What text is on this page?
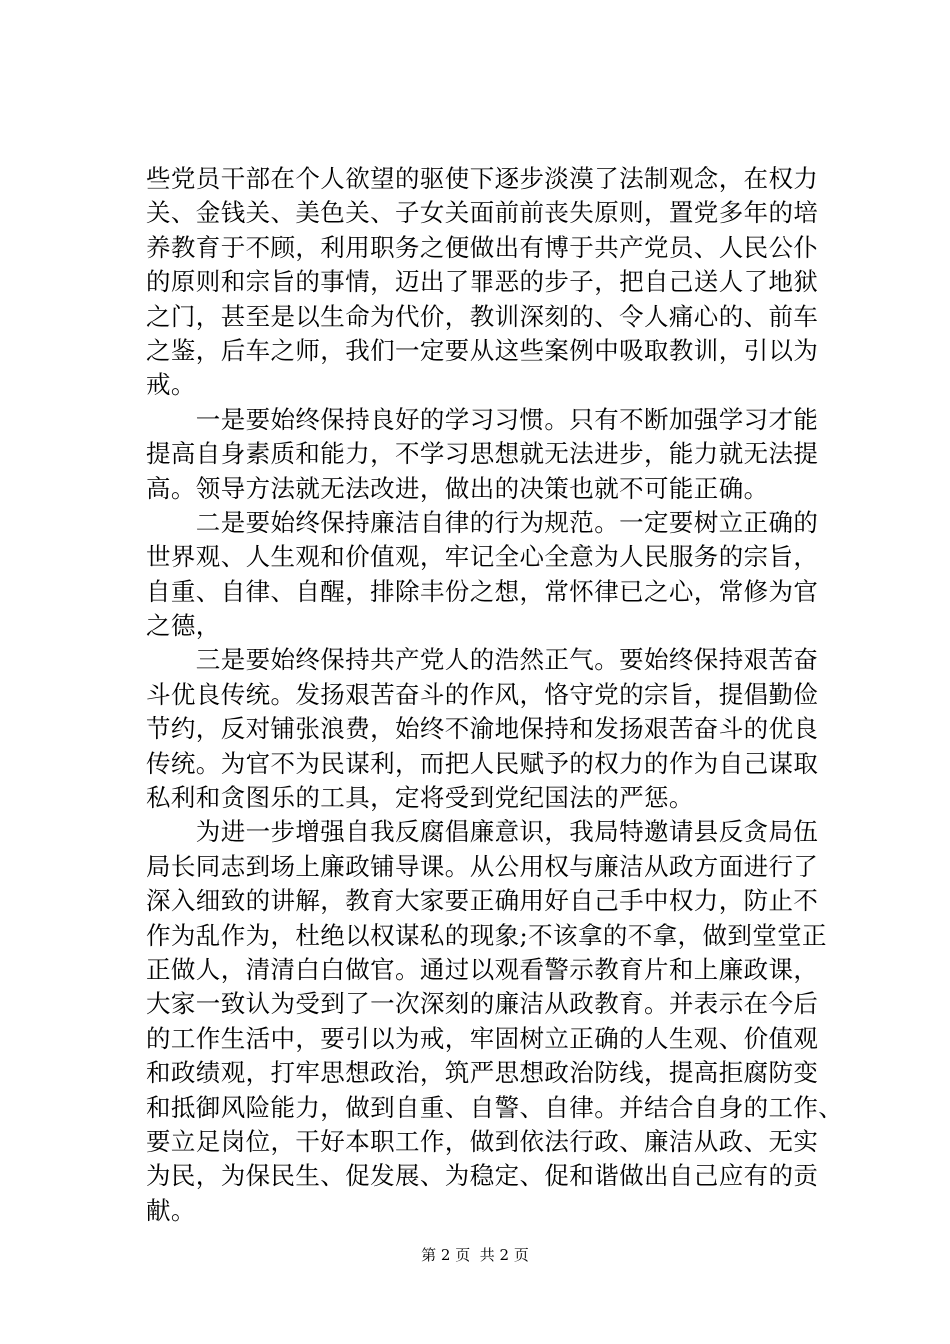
些党员干部在个人欲望的驱使下逐步淡漠了法制观念，在权力
关、金钱关、美色关、子女关面前前丧失原则，置党多年的培
养教育于不顾，利用职务之便做出有博于共产党员、人民公仆
的原则和宗旨的事情，迈出了罪恶的步子，把自己送人了地狱
之门，甚至是以生命为代价，教训深刻的、令人痛心的、前车
之鉴，后车之师，我们一定要从这些案例中吸取教训，引以为
戒。
　　一是要始终保持良好的学习习惯。只有不断加强学习才能
提高自身素质和能力，不学习思想就无法进步，能力就无法提
高。领导方法就无法改进，做出的决策也就不可能正确。
　　二是要始终保持廉洁自律的行为规范。一定要树立正确的
世界观、人生观和价值观，牢记全心全意为人民服务的宗旨，
自重、自律、自醒，排除丰份之想，常怀律已之心，常修为官
之德，
　　三是要始终保持共产党人的浩然正气。要始终保持艰苦奋
斗优良传统。发扬艰苦奋斗的作风，恪守党的宗旨，提倡勤俭
节约，反对铺张浪费，始终不渝地保持和发扬艰苦奋斗的优良
传统。为官不为民谋利，而把人民赋予的权力的作为自己谋取
私利和贪图乐的工具，定将受到党纪国法的严惩。
　　为进一步增强自我反腐倡廉意识，我局特邀请县反贪局伍
局长同志到场上廉政铺导课。从公用权与廉洁从政方面进行了
深入细致的讲解，教育大家要正确用好自己手中权力，防止不
作为乱作为，杜绝以权谋私的现象;不该拿的不拿，做到堂堂正
正做人，清清白白做官。通过以观看警示教育片和上廉政课，
大家一致认为受到了一次深刻的廉洁从政教育。并表示在今后
的工作生活中，要引以为戒，牢固树立正确的人生观、价值观
和政绩观，打牢思想政治，筑严思想政治防线，提高拒腐防变
和抵御风险能力，做到自重、自警、自律。并结合自身的工作、
要立足岗位，干好本职工作，做到依法行政、廉洁从政、无实
为民，为保民生、促发展、为稳定、促和谐做出自己应有的贡
献。
第 2 页  共 2 页
